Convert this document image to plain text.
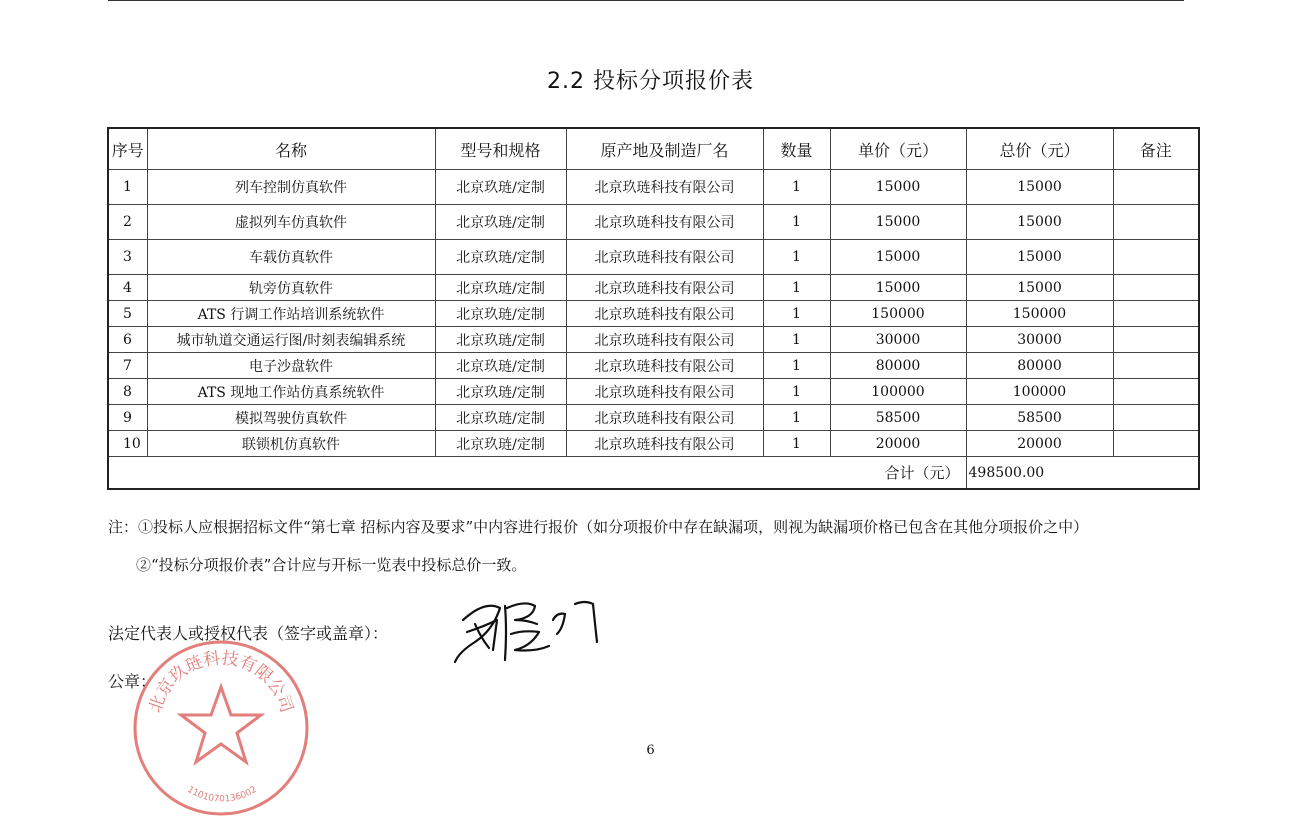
2.2 投标分项报价表
序号	名称	型号和规格	原产地及制造厂名	数量	单价（元）	总价（元）	备注
1	列车控制仿真软件	北京玖琏/定制	北京玖琏科技有限公司	1	15000	15000	
2	虚拟列车仿真软件	北京玖琏/定制	北京玖琏科技有限公司	1	15000	15000	
3	车载仿真软件	北京玖琏/定制	北京玖琏科技有限公司	1	15000	15000	
4	轨旁仿真软件	北京玖琏/定制	北京玖琏科技有限公司	1	15000	15000	
5	ATS 行调工作站培训系统软件	北京玖琏/定制	北京玖琏科技有限公司	1	150000	150000	
6	城市轨道交通运行图/时刻表编辑系统	北京玖琏/定制	北京玖琏科技有限公司	1	30000	30000	
7	电子沙盘软件	北京玖琏/定制	北京玖琏科技有限公司	1	80000	80000	
8	ATS 现地工作站仿真系统软件	北京玖琏/定制	北京玖琏科技有限公司	1	100000	100000	
9	模拟驾驶仿真软件	北京玖琏/定制	北京玖琏科技有限公司	1	58500	58500	
10	联锁机仿真软件	北京玖琏/定制	北京玖琏科技有限公司	1	20000	20000	
合计（元）						498500.00	
注：①投标人应根据招标文件“第七章 招标内容及要求”中内容进行报价（如分项报价中存在缺漏项，则视为缺漏项价格已包含在其他分项报价之中）
②“投标分项报价表”合计应与开标一览表中投标总价一致。
法定代表人或授权代表（签字或盖章）：
北京玖琏科技有限公司
1101070136002
公章：
6
